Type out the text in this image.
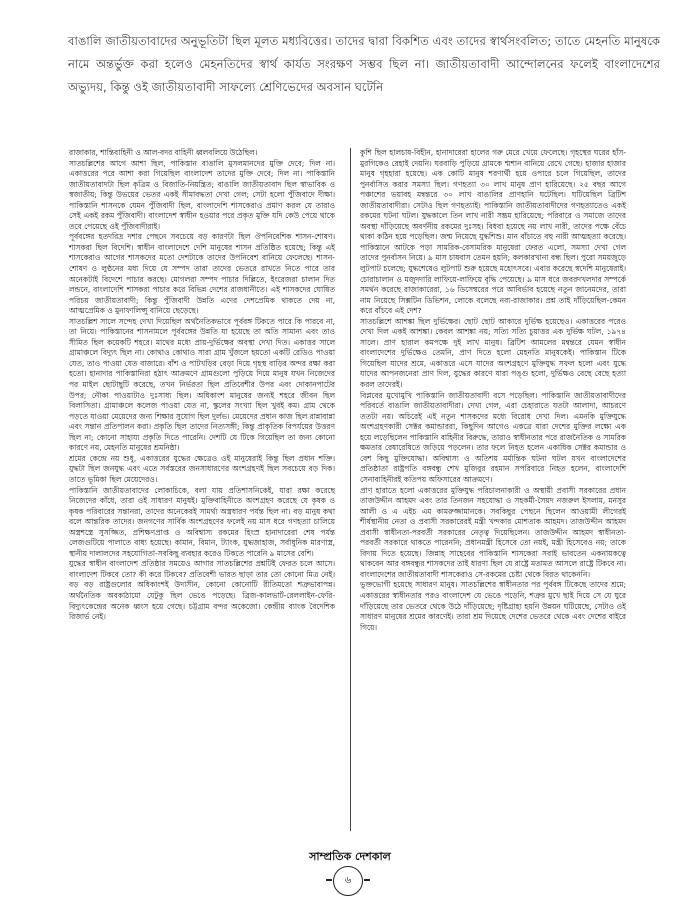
বাঙালি জাতীয়তাবাদের অনুভূতিটা ছিল মূলত মধ্যবিত্তের। তাদের দ্বারা বিকশিত এবং তাদের স্বার্থসংবলিত; তাতে মেহনতি মানুষকে নামে অন্তর্ভুক্ত করা হলেও মেহনতিদের স্বার্থ কার্যত সংরক্ষণ সম্ভব ছিল না। জাতীয়তাবাদী আন্দোলনের ফলেই বাংলাদেশের অভ্যুদয়, কিন্তু ওই জাতীয়তাবাদী সাফল্যে শ্রেণিভেদের অবসান ঘটেনি

রাজাকার, শান্তিবাহিনী ও আল-বদর বাহিনী ধ্বলবলিয়ে উঠেছিল।

সাতচল্লিশের আগে আশা ছিল, পাকিস্তান বাঙালি মুসলমানদের মুক্তি দেবে; দিল না। একাত্তরের পরে আশা করা গিয়েছিল বাংলাদেশ তাদের মুক্তি দেবে; দিল না। পাকিস্তানি জাতীয়তাবাদটা ছিল কৃত্রিম ও বিজাতি-নিয়ন্ত্রিত; বাঙালি জাতীয়তাবাদ ছিল স্বাভাবিক ও স্বজাতীয়; কিন্তু উভয়ের ভেতর একই সীমাবদ্ধতা দেখা গেল; সেটা হলো পুঁজিবাদে দীক্ষা। পাকিস্তানি শাসনকে যেমন পুঁজিবাদী ছিল, বাংলাদেশি শাসকেরাও প্রমাণ করল যে তারাও সেই একই রকম পুঁজিবাদী। বাংলাদেশ স্বাধীন হওয়ার পরে প্রকৃত মুক্তি যদি কেউ পেয়ে থাকে তবে পেয়েছে ওই পুঁজিবাদীরাই।

পূর্ববঙ্গের হতদরিদ্র দশার পেছনে সবচেয়ে বড় কারণটা ছিল ঔপনিবেশিক শাসন-শোষণ। শাসকরা ছিল বিদেশি। স্বাধীন বাংলাদেশে দেশি মানুষের শাসন প্রতিষ্ঠিত হয়েছে; কিন্তু এই শাসকেরাও আগের শাসকদের মতো দেশটাকে তাদের উপনিবেশ বানিয়ে ফেলেছে। শাসন-শোষণ ও লুণ্ঠনের মধ্য দিয়ে যে সম্পদ তারা তাদের ভেতরে রাখতে নিতে পারে তার অনেকটাই বিদেশে পাচার করছে। মোগলরা সম্পদ পাচার দিল্লিতে, ইংরেজরা চালান দিত লন্ডনে, বাংলাদেশি শাসকরা পাচার করে বিভিন্ন দেশের রাজধানীতে। এই শাসকদের ঘোষিত পরিচয় জাতীয়তাবাদী; কিন্তু পুঁজিবাদী উন্নতি এদের দেশপ্রেমিক থাকতে দেয় না, আত্মপ্রেমিক ও মুনাফালিপ্সু বানিয়ে ছেড়েছে।

সাতচল্লিশ সালে সন্দেহ দেখা দিয়েছিল অর্থনৈতিকভাবে পূর্ববঙ্গ টিকতে পারে কি পারবে না, তা নিয়ে। পাকিস্তানের শাসনামলে পূর্ববঙ্গের উন্নতি যা হয়েছে তা অতি সামান্য এবং তাও সীমিত ছিল কয়েকটি শহরে। মাথের মধ্যে প্রায়-দুর্ভিক্ষের অবস্থা দেখা দিত। একাত্তর সালে গ্রামাঞ্চলে বিদ্যুৎ ছিল না। কোথাও কোথাও সারা গ্রাম খুঁজলে হয়তো একটি রেডিও পাওয়া যেত, তাও পাওয়া যেত বাজারে। বাঁশ ও পাটখড়ির বেড়া দিয়ে গৃহস্থ বাড়ির অন্দর রক্ষা করা হতো। হানাদার পাকিস্তানিরা হঠাৎ আক্রমণে গ্রামগুলো পুড়িয়ে দিয়ে মানুষ যখন নিজেদের পর মাইল ছোটাছুটি করেছে, তখন নির্ভরতা ছিল প্রতিবেশীর উপর এবং দোকানপাটের উপর; নৌকা পাওয়াটাও দুঃসাধ্য ছিল। অধিকাংশ মানুষের জন্যই শহরে জীবন ছিল বিলাসিতা। গ্রামাঞ্চলে কলেজ পাওয়া যেত না, স্কুলের সংখ্যা ছিল খুবই কম। গ্রাম থেকে পড়তে যাওয়া মেয়েদের জন্য শিক্ষার সুযোগ ছিল দুর্লভ। মেয়েদের প্রধান কাজ ছিল রান্নাবান্না এবং সন্তান প্রতিপালন করা। প্রকৃতি ছিল তাদের নিত্যসঙ্গী; কিন্তু প্রাকৃতিক বিপর্যয়ের উত্তরণ ছিল না; কোনো সাহায্য প্রকৃতি দিতে পারেনি। দেশটি যে টিকে গিয়েছিল তা জন্য কোনো কারণে নয়, মেহনতি মানুষের শ্রমনিষ্ঠা।

শ্রমের কেন্দ্রে নয় শুধু, একাত্তরের যুদ্ধের ক্ষেত্রেও ওই মানুষেরাই কিন্তু ছিল প্রধান শক্তি। যুদ্ধটা ছিল জনযুদ্ধ এবং এতে সর্বস্তরের জনসাধারণের অংশগ্রহণই ছিল সবচেয়ে বড় দিক। তাতে ভূমিকা ছিল মেয়েদেরও।

পাকিস্তানি জাতীয়তাবাদের লোকাচিকে, বলা যায় প্রতিশাসনিকেই, যারা রক্ষা করেছে নিজেদের কাঁধে, তারা ওই সাধারণ মানুষই। মুক্তিবাহিনীতে অংশগ্রহণ করেছে যে কৃষক ও কৃষক পরিবারের সন্তানরা, তাদের অনেকেরই সামর্থ্য অস্ত্রধারণ পর্যন্ত ছিল না। বড় মানুষ কথা বলে আন্তরিক তাদের। জনগণের সার্বিক অংশগ্রহণের ফলেই নয় মাস ধরে গণহত্যা চালিয়ে অস্ত্রশস্ত্রে সুসজ্জিত, প্রশিক্ষণপ্রাপ্ত ও অবিশ্বাস্য রকমের হিংস্র হানাদারেরা শেষ পর্যন্ত লেজগুটিয়ে পালাতে বাধ্য হয়েছে। কামান, বিমান, ট্যাংক, যুদ্ধজাহাজ, সর্বাধুনিক মারণাস্ত্র, স্থানীয় দালালদের সহযোগিতা-সবকিছু ব্যবহার করেও টিকতে পারেনি ৯ মাসের বেশি।

যুদ্ধের স্বাধীন বাংলাদেশ প্রতিষ্ঠার সময়েও আগার সাতচল্লিশের প্রশ্নটিই ফেরত চলে আসে। বাংলাদেশ টিকবে তো? কী করে টিকবে? প্রতিবেশী ভারত ছাড়া তার তো কোনো মিত্র নেই। বড় বড় রাষ্ট্রগুলোর অধিকাংশই উদাসীন, কোনো কোনোটি রীতিমতো শত্রুভাবাপন্ন। অর্থনৈতিক অবকাঠামো যেটুকু ছিল ভেঙে পড়েছে। ব্রিজ-কালভার্ট-রেললাইন-ফেরি-বিদ্যুৎকেন্দ্রের অনেক ধ্বংস হয়ে গেছে। চট্টগ্রাম বন্দর অকেজো। কেন্দ্রীয় ব্যাংক বৈদেশিক রিজার্ভ নেই।

কুশি ছিল হালচাষ-বিহীন, হানাদারেরা হালের গরু মেরে খেয়ে ফেলেছে। গৃহস্থের ঘরের হাঁস-মুরগিকেও রেহাই দেয়নি। ঘরবাড়ি পুড়িয়ে গ্রামকে শ্মশান বানিয়ে রেখে গেছে। হাজার হাজার মানুষ গৃহহারা হয়েছে। এক কোটি মানুষ শরণার্থী হয়ে ওপারে চলে গিয়েছিল, তাদের পুনর্বাসিত করার সমস্যা ছিল। গণহত্যা ৩০ লাখ মানুষ প্রাণ হারিয়েছে। ২৫ বছর আগে পঞ্চাশের ভয়াবহ মন্বন্তরে ৩০ লাখ বাঙালির প্রাণহানি ঘটেছিল। ঘটিয়েছিল ব্রিটিশ জাতীয়তাবাদীরা। সেটাও ছিল গণহত্যাই। পাকিস্তানি জাতীয়তাবাদীদের গণহত্যাতেও একই রকমের ঘটনা ঘটল। যুদ্ধকালে তিন লাখ নারী সম্ভ্রম হারিয়েছে; পরিবারে ও সমাজে তাদের অবস্থা দাঁড়িয়েছে অবর্ণনীয় রকমের দুঃসহ। বিধবা হয়েছে নয় লাখ নারী, তাদের পক্ষে বেঁচে থাকা কঠিন হয়ে পড়েছিল। জন্ম নিয়েছে যুদ্ধশিশু। মান বাঁচাতে বহু নারী আত্মহত্যা করেছে। পাকিস্তানে আটকে পড়া সামরিক-বেসামরিক মানুষেরা ফেরত এলো, সমস্যা দেখা গেল তাদের পুনর্বাসন নিয়ে। ৯ মাস চাষবাস তেমন হয়নি; কলকারখানা বন্ধ ছিল। পুরো সময়জুড়ে লুটপাট চলেছে; যুদ্ধশেষেও লুটপাট শুরু হয়েছে মহোৎসবে। এবার করেছে স্বদেশি মানুষেরাই। চোরাচালান ও মজুদদারি লাফিয়ে-লাফিয়ে বৃদ্ধি পেয়েছে। ৯ মাস ধরে জবরদখলদার সম্পর্কে সমর্থন করেছে রাজাকারেরা, ১৬ ডিসেম্বরের পরে আবির্ভাব হয়েছে নতুন জানেমদের, তারা নাম নিয়েছে সিক্সটিন ডিভিশন, লোকে বলেছে নব্য-রাজাকার। প্রশ্ন তাই দাঁড়িয়েছিল-কেমন করে বাঁচবে এই দেশ?

সাতচল্লিশে আশঙ্কা ছিল দুর্ভিক্ষের। ছোট ছোট আকারে দুর্ভিক্ষ হয়েছেও। একাত্তরের পরেও দেখা দিল একই আশঙ্কা। কেবল আশঙ্কা নয়; সত্যি সত্যি চুয়াত্তর এক দুর্ভিক্ষ ঘটল, ১৯৭৪ সালে। প্রাণ হারাল কমপক্ষে দুই লাখ মানুষ। ব্রিটিশ আমলের মন্বন্তরে যেমন স্বাধীন বাংলাদেশের দুর্ভিক্ষেও তেমনি, প্রাণ দিতে হলো মেহনতি মানুষকেই। পাকিস্তান টিকে গিয়েছিল যাদের শ্রমে, একাত্তরে এসে যাদের অংশগ্রহণে মুক্তিযুদ্ধ সফল হলো এবং যুদ্ধে যাদের আপনজনেরা প্রাণ দিল, যুদ্ধের কারণে যারা পঙ্গু হলো, দুর্ভিক্ষও বেছে বেছে হত্যা করল তাদেরই।

বিপ্লবের মুখোমুখি পাকিস্তানি জাতীয়তাবাদী বসে পড়েছিল। পাকিস্তানি জাতীয়তাবাদীদের পরিবর্তে বাঙালি জাতীয়তাবাদীরা। দেখা গেল, এরা চেহারাতে যতটা আলাদা, আচরণে ততটা নয়। অচিরেই এই নতুন শাসকদের মধ্যে বিরোধ দেখা দিল। এমনকি মুক্তিযুদ্ধে অংশগ্রহণকারী সেক্টর কমান্ডাররা, কিছুদিন আগেও একত্রে যারা দেশের মুক্তির লক্ষ্যে এক হয়ে লড়েছিলেন পাকিস্তানি বাহিনীর বিরুদ্ধে, তারাও স্বাধীনতার পরে রাজনৈতিক ও সামরিক ক্ষমতার রেষারেষিতে জড়িয়ে পড়লেন। তার ফলে নিহত হলেন একাধিক সেক্টর কমান্ডার ও বেশ কিছু মুক্তিযোদ্ধা। অবিশ্বাস্য ও অতিশয় মর্মান্তিক ঘটনা ঘটল যখন বাংলাদেশের প্রতিষ্ঠাতা রাষ্ট্রপতি বঙ্গবন্ধু শেখ মুজিবুর রহমান সপরিবারে নিহত হলেন, বাংলাদেশি সেনাবাহিনীরই কতিপয় অফিসারের আক্রমণে।

প্রাণ হারাতে হলো একাত্তরের মুক্তিযুদ্ধ পরিচালনাকারী ও অস্থায়ী প্রবাসী সরকারের প্রধান তাজউদ্দীন আহমদ এবং তার তিনজন সহযোদ্ধা ও সহকর্মী-সৈয়দ নজরুল ইসলাম, মনসুর আলী ও এ এইচ এম কামরুজ্জামানকে। সবকিছুর পেছনে ছিলেন আওয়ামী লীগেরই শীর্ষস্থানীয় নেতা ও প্রবাসী সরকারেরই মন্ত্রী খন্দকার মোশতাক আহমদ। তাজউদ্দীন আহমদ প্রবাসী স্বাধীনতা-পরবর্তী সরকারের নেতৃত্ব দিয়েছিলেন। তাজউদ্দীন আহমদ স্বাধীনতা-পরবর্তী সরকারে থাকতে পারেননি; প্রধানমন্ত্রী হিসেবে তো নয়ই, মন্ত্রী হিসেবেও নয়; তাকে বিদায় দিতে হয়েছে। জিন্নাহ সাহেবের পাকিস্তানি শাসকেরা সবাই ভাবতেন একনায়কত্বে থাকবেন আর বঙ্গবন্ধুর শাসকদের তাই ধারণা ছিল যে রাষ্ট্রে মতামত আসলে রাষ্ট্রে টিকবে না। বাংলাদেশের জাতীয়তাবাদী শাসকেরাও সে-রকমের চেষ্টা থেকে বিরত থাকেননি।

ভুক্তভোগী হয়েছে সাধারণ মানুষ। সাতচল্লিশের স্বাধীনতার পর পূর্ববঙ্গ টিকেছে তাদের শ্রমে; একাত্তরের স্বাধীনতার পরও বাংলাদেশ যে ভেঙে পড়েনি, শত্রুর মুখে ছাই দিয়ে সে যে ঘুরে দাঁড়িয়েছে তার ভেতরে থেকে উঠে দাঁড়িয়েছে; দৃষ্টিগ্রাহ্য হয়নি উন্নয়ন ঘটিয়েছে, সেটাও ওই সাধারণ মানুষের শ্রমের কারণেই। তারা শ্রম দিয়েছে দেশের ভেতরে থেকে এবং দেশের বাইরে গিয়ে।

সাম্প্রতিক দেশকাল
৬
